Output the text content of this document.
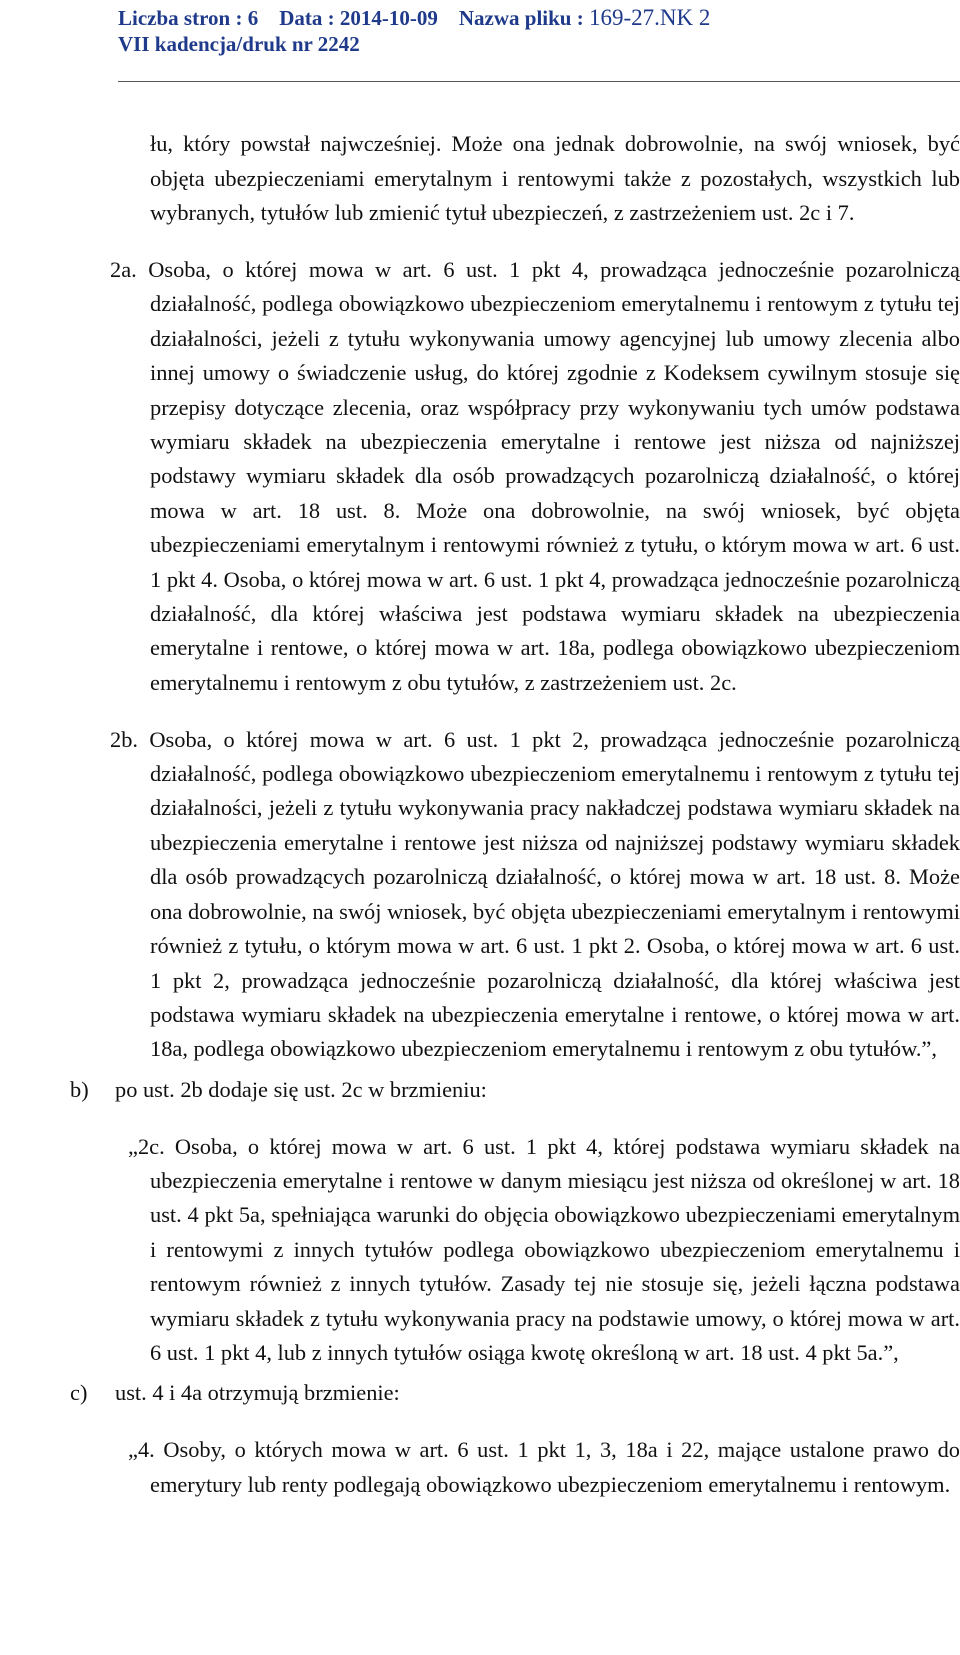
Liczba stron : 6 Data : 2014-10-09 Nazwa pliku : 169-27.NK 2
VII kadencja/druk nr 2242

łu, który powstał najwcześniej. Może ona jednak dobrowolnie, na swój wniosek, być objęta ubezpieczeniami emerytalnym i rentowymi także z pozostałych, wszystkich lub wybranych, tytułów lub zmienić tytuł ubezpieczeń, z zastrzeżeniem ust. 2c i 7.

2a. Osoba, o której mowa w art. 6 ust. 1 pkt 4, prowadząca jednocześnie pozarolniczą działalność, podlega obowiązkowo ubezpieczeniom emerytalnemu i rentowym z tytułu tej działalności, jeżeli z tytułu wykonywania umowy agencyjnej lub umowy zlecenia albo innej umowy o świadczenie usług, do której zgodnie z Kodeksem cywilnym stosuje się przepisy dotyczące zlecenia, oraz współpracy przy wykonywaniu tych umów podstawa wymiaru składek na ubezpieczenia emerytalne i rentowe jest niższa od najniższej podstawy wymiaru składek dla osób prowadzących pozarolniczą działalność, o której mowa w art. 18 ust. 8. Może ona dobrowolnie, na swój wniosek, być objęta ubezpieczeniami emerytalnym i rentowymi również z tytułu, o którym mowa w art. 6 ust. 1 pkt 4. Osoba, o której mowa w art. 6 ust. 1 pkt 4, prowadząca jednocześnie pozarolniczą działalność, dla której właściwa jest podstawa wymiaru składek na ubezpieczenia emerytalne i rentowe, o której mowa w art. 18a, podlega obowiązkowo ubezpieczeniom emerytalnemu i rentowym z obu tytułów, z zastrzeżeniem ust. 2c.

2b. Osoba, o której mowa w art. 6 ust. 1 pkt 2, prowadząca jednocześnie pozarolniczą działalność, podlega obowiązkowo ubezpieczeniom emerytalnemu i rentowym z tytułu tej działalności, jeżeli z tytułu wykonywania pracy nakładczej podstawa wymiaru składek na ubezpieczenia emerytalne i rentowe jest niższa od najniższej podstawy wymiaru składek dla osób prowadzących pozarolniczą działalność, o której mowa w art. 18 ust. 8. Może ona dobrowolnie, na swój wniosek, być objęta ubezpieczeniami emerytalnym i rentowymi również z tytułu, o którym mowa w art. 6 ust. 1 pkt 2. Osoba, o której mowa w art. 6 ust. 1 pkt 2, prowadząca jednocześnie pozarolniczą działalność, dla której właściwa jest podstawa wymiaru składek na ubezpieczenia emerytalne i rentowe, o której mowa w art. 18a, podlega obowiązkowo ubezpieczeniom emerytalnemu i rentowym z obu tytułów.”,

b) po ust. 2b dodaje się ust. 2c w brzmieniu:

„2c. Osoba, o której mowa w art. 6 ust. 1 pkt 4, której podstawa wymiaru składek na ubezpieczenia emerytalne i rentowe w danym miesiącu jest niższa od określonej w art. 18 ust. 4 pkt 5a, spełniająca warunki do objęcia obowiązkowo ubezpieczeniami emerytalnym i rentowymi z innych tytułów podlega obowiązkowo ubezpieczeniom emerytalnemu i rentowym również z innych tytułów. Zasady tej nie stosuje się, jeżeli łączna podstawa wymiaru składek z tytułu wykonywania pracy na podstawie umowy, o której mowa w art. 6 ust. 1 pkt 4, lub z innych tytułów osiąga kwotę określoną w art. 18 ust. 4 pkt 5a.”,

c) ust. 4 i 4a otrzymują brzmienie:

„4. Osoby, o których mowa w art. 6 ust. 1 pkt 1, 3, 18a i 22, mające ustalone prawo do emerytury lub renty podlegają obowiązkowo ubezpieczeniom emerytalnemu i rentowym.
